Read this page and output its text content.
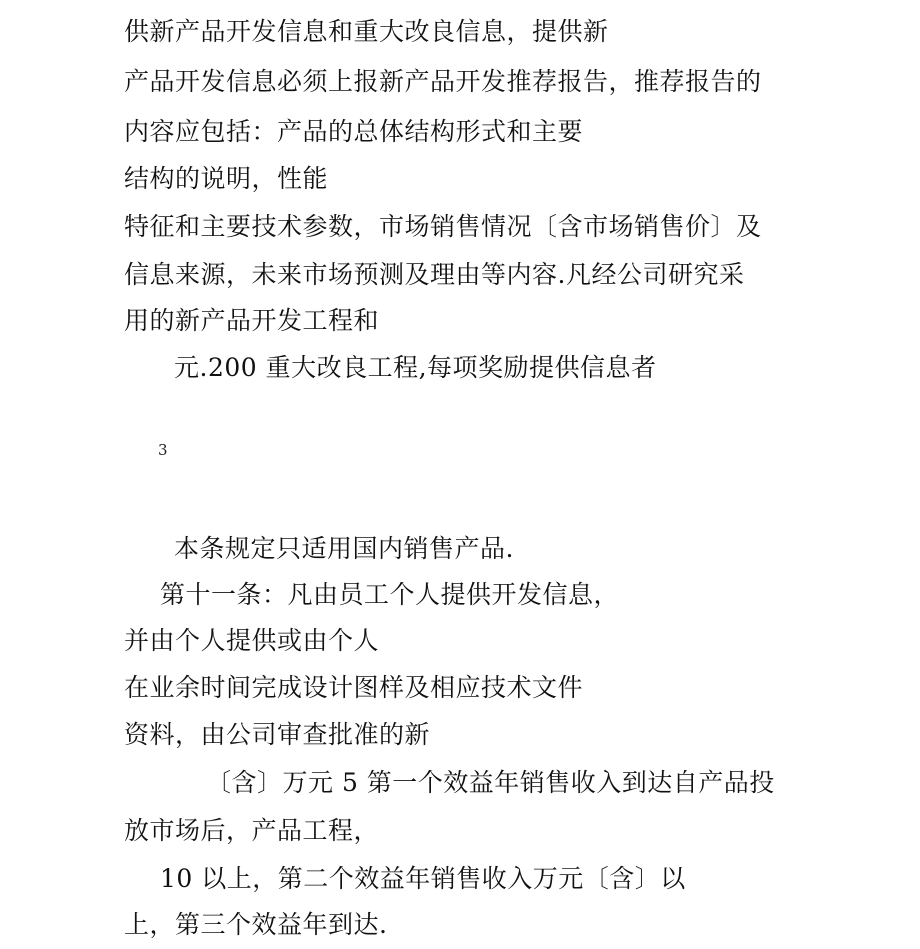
供新产品开发信息和重大改良信息，提供新
产品开发信息必须上报新产品开发推荐报告，推荐报告的
内容应包括：产品的总体结构形式和主要
结构的说明，性能
特征和主要技术参数，市场销售情况〔含市场销售价〕及
信息来源，未来市场预测及理由等内容.凡经公司研究采
用的新产品开发工程和
元.200 重大改良工程,每项奖励提供信息者
3
本条规定只适用国内销售产品.
第十一条：凡由员工个人提供开发信息，
并由个人提供或由个人
在业余时间完成设计图样及相应技术文件
资料，由公司审查批准的新
〔含〕万元 5 第一个效益年销售收入到达自产品投
放市场后，产品工程，
10 以上，第二个效益年销售收入万元〔含〕以
上，第三个效益年到达.
